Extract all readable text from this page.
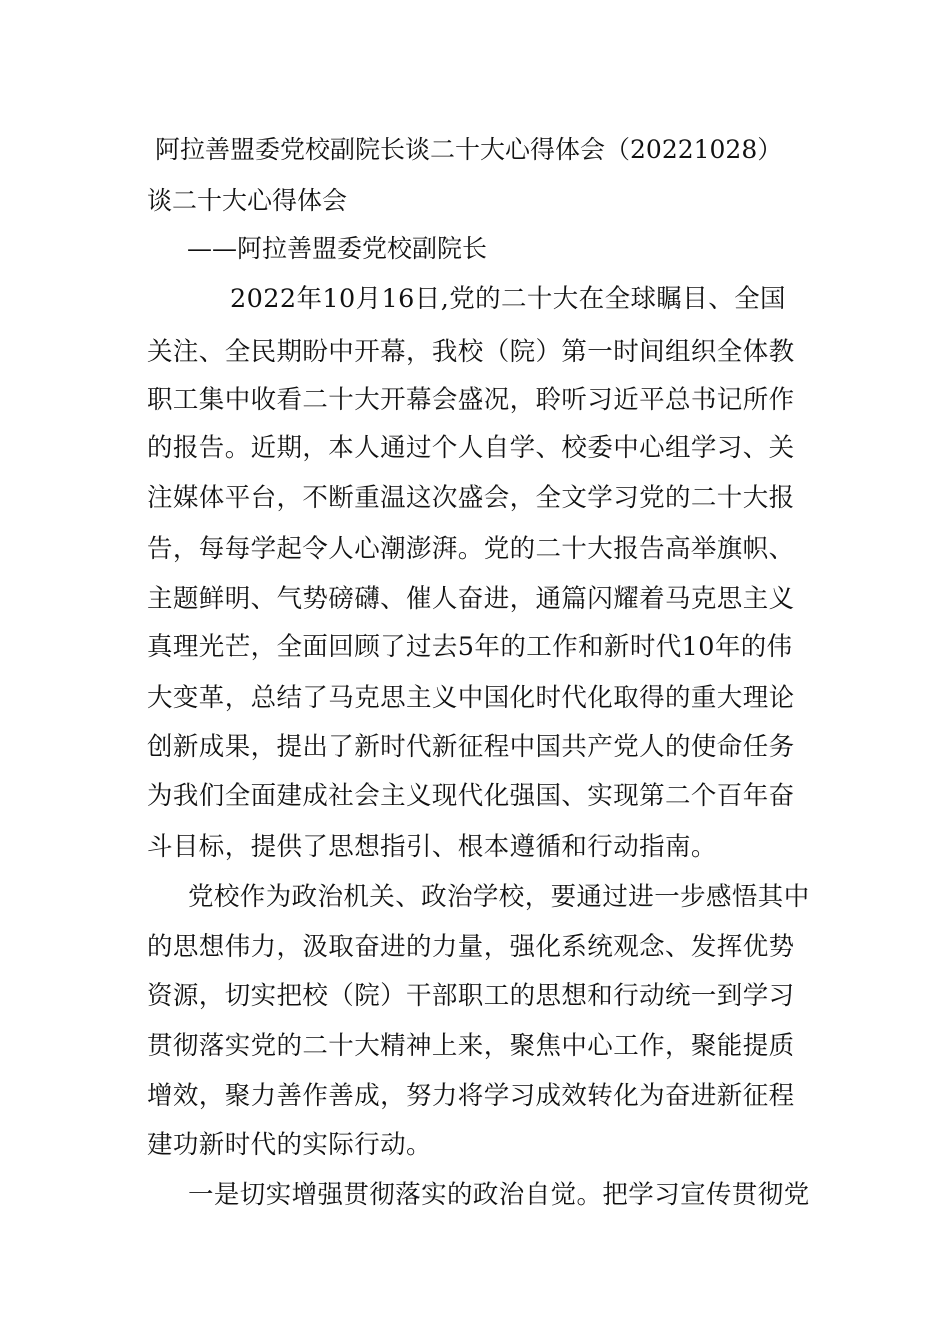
阿拉善盟委党校副院长谈二十大心得体会（20221028）
谈二十大心得体会
——阿拉善盟委党校副院长
2022年10月16日,党的二十大在全球瞩目、全国
关注、全民期盼中开幕，我校（院）第一时间组织全体教
职工集中收看二十大开幕会盛况，聆听习近平总书记所作
的报告。近期，本人通过个人自学、校委中心组学习、关
注媒体平台，不断重温这次盛会，全文学习党的二十大报
告，每每学起令人心潮澎湃。党的二十大报告高举旗帜、
主题鲜明、气势磅礴、催人奋进，通篇闪耀着马克思主义
真理光芒，全面回顾了过去5年的工作和新时代10年的伟
大变革，总结了马克思主义中国化时代化取得的重大理论
创新成果，提出了新时代新征程中国共产党人的使命任务
为我们全面建成社会主义现代化强国、实现第二个百年奋
斗目标，提供了思想指引、根本遵循和行动指南。
党校作为政治机关、政治学校，要通过进一步感悟其中
的思想伟力，汲取奋进的力量，强化系统观念、发挥优势
资源，切实把校（院）干部职工的思想和行动统一到学习
贯彻落实党的二十大精神上来，聚焦中心工作，聚能提质
增效，聚力善作善成，努力将学习成效转化为奋进新征程
建功新时代的实际行动。
一是切实增强贯彻落实的政治自觉。把学习宣传贯彻党
